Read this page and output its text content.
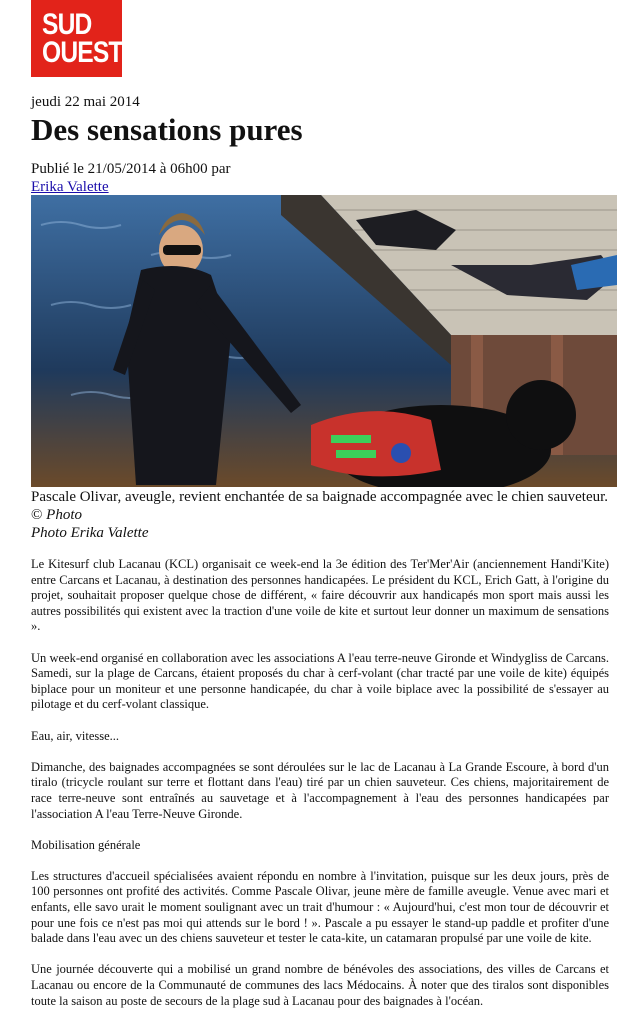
SUD
OUEST
jeudi 22 mai 2014
Des sensations pures
Publié le 21/05/2014 à 06h00 par
Erika Valette
Pascale Olivar, aveugle, revient enchantée de sa baignade accompagnée avec le chien sauveteur. © Photo
Photo Erika Valette

Le Kitesurf club Lacanau (KCL) organisait ce week-end la 3e édition des Ter'Mer'Air (anciennement Handi'Kite) entre Carcans et Lacanau, à destination des personnes handicapées. Le président du KCL, Erich Gatt, à l'origine du projet, souhaitait proposer quelque chose de différent, « faire découvrir aux handicapés mon sport mais aussi les autres possibilités qui existent avec la traction d'une voile de kite et surtout leur donner un maximum de sensations ».

Un week-end organisé en collaboration avec les associations A l'eau terre-neuve Gironde et Windygliss de Carcans. Samedi, sur la plage de Carcans, étaient proposés du char à cerf-volant (char tracté par une voile de kite) équipés biplace pour un moniteur et une personne handicapée, du char à voile biplace avec la possibilité de s'essayer au pilotage et du cerf-volant classique.

Eau, air, vitesse...

Dimanche, des baignades accompagnées se sont déroulées sur le lac de Lacanau à La Grande Escoure, à bord d'un tiralo (tricycle roulant sur terre et flottant dans l'eau) tiré par un chien sauveteur. Ces chiens, majoritairement de race terre-neuve sont entraînés au sauvetage et à l'accompagnement à l'eau des personnes handicapées par l'association A l'eau Terre-Neuve Gironde.

Mobilisation générale

Les structures d'accueil spécialisées avaient répondu en nombre à l'invitation, puisque sur les deux jours, près de 100 personnes ont profité des activités. Comme Pascale Olivar, jeune mère de famille aveugle. Venue avec mari et enfants, elle savo urait le moment soulignant avec un trait d'humour : « Aujourd'hui, c'est mon tour de découvrir et pour une fois ce n'est pas moi qui attends sur le bord ! ». Pascale a pu essayer le stand-up paddle et profiter d'une balade dans l'eau avec un des chiens sauveteur et tester le cata-kite, un catamaran propulsé par une voile de kite.

Une journée découverte qui a mobilisé un grand nombre de bénévoles des associations, des villes de Carcans et Lacanau ou encore de la Communauté de communes des lacs Médocains. À noter que des tiralos sont disponibles toute la saison au poste de secours de la plage sud à Lacanau pour des baignades à l'océan.
